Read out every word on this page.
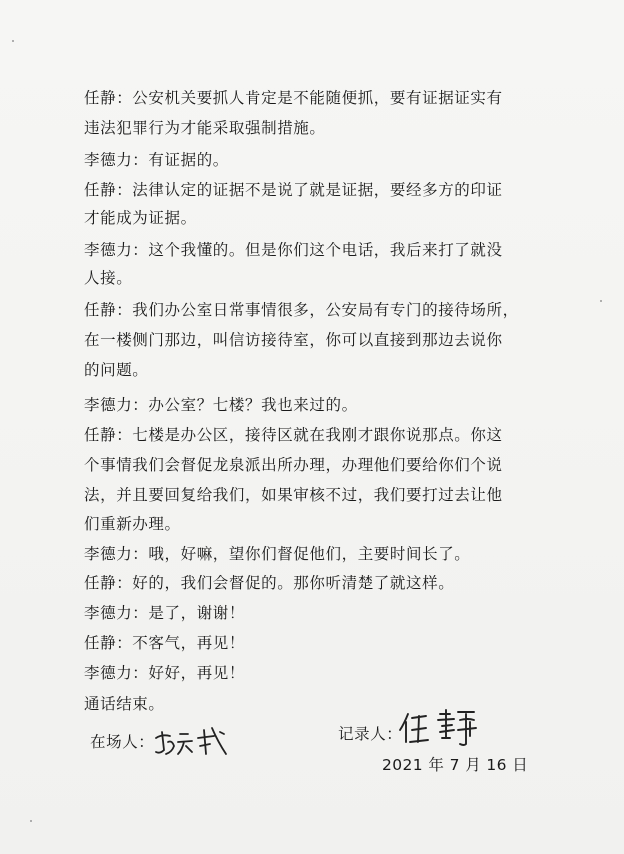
任静：公安机关要抓人肯定是不能随便抓，要有证据证实有
违法犯罪行为才能采取强制措施。
李德力：有证据的。
任静：法律认定的证据不是说了就是证据，要经多方的印证
才能成为证据。
李德力：这个我懂的。但是你们这个电话，我后来打了就没
人接。
任静：我们办公室日常事情很多，公安局有专门的接待场所，
在一楼侧门那边，叫信访接待室，你可以直接到那边去说你
的问题。
李德力：办公室？七楼？我也来过的。
任静：七楼是办公区，接待区就在我刚才跟你说那点。你这
个事情我们会督促龙泉派出所办理，办理他们要给你们个说
法，并且要回复给我们，如果审核不过，我们要打过去让他
们重新办理。
李德力：哦，好嘛，望你们督促他们，主要时间长了。
任静：好的，我们会督促的。那你听清楚了就这样。
李德力：是了，谢谢！
任静：不客气，再见！
李德力：好好，再见！
通话结束。
在场人：	记录人：
2021 年 7 月 16 日
